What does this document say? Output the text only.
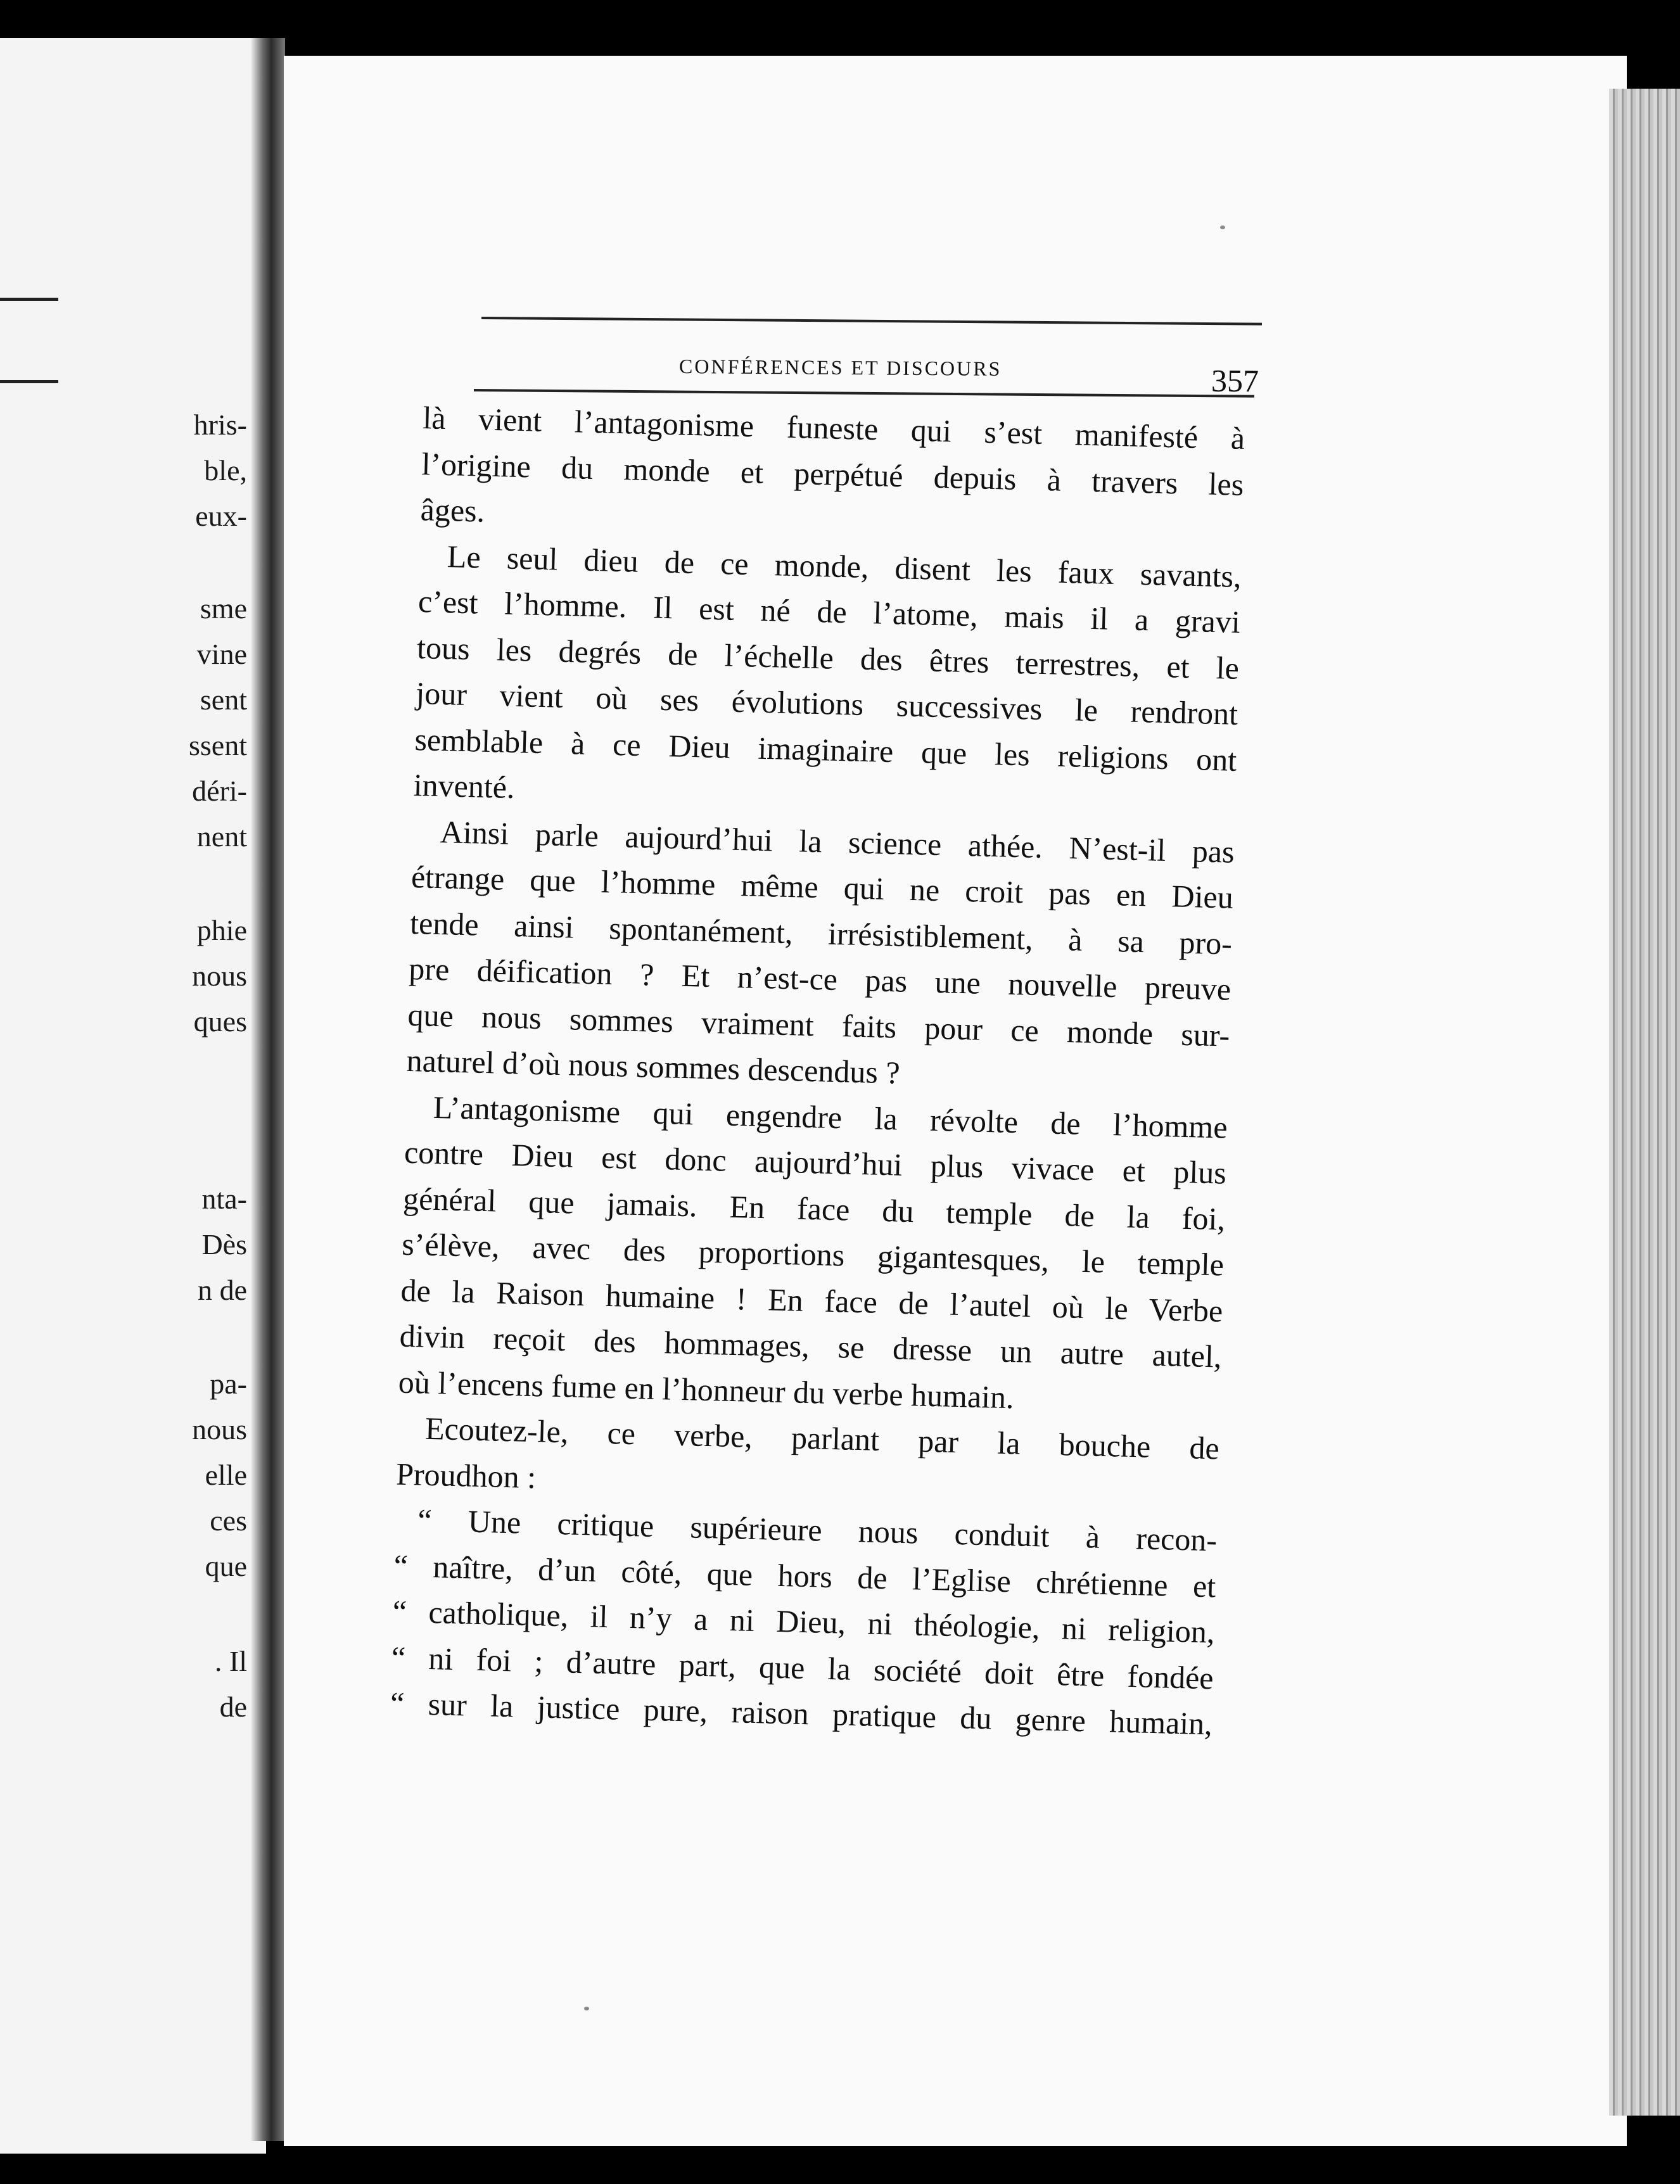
hris-
ble,
eux-
sme
vine
sent
ssent
déri-
nent
phie
nous
ques
nta-
Dès
n de
pa-
nous
elle
ces
que
. Il
de
CONFÉRENCES ET DISCOURS	357
là vient l’antagonisme funeste qui s’est manifesté à
l’origine du monde et perpétué depuis à travers les
âges.
Le seul dieu de ce monde, disent les faux savants,
c’est l’homme. Il est né de l’atome, mais il a gravi
tous les degrés de l’échelle des êtres terrestres, et le
jour vient où ses évolutions successives le rendront
semblable à ce Dieu imaginaire que les religions ont
inventé.
Ainsi parle aujourd’hui la science athée. N’est-il pas
étrange que l’homme même qui ne croit pas en Dieu
tende ainsi spontanément, irrésistiblement, à sa pro-
pre déification ? Et n’est-ce pas une nouvelle preuve
que nous sommes vraiment faits pour ce monde sur-
naturel d’où nous sommes descendus ?
L’antagonisme qui engendre la révolte de l’homme
contre Dieu est donc aujourd’hui plus vivace et plus
général que jamais. En face du temple de la foi,
s’élève, avec des proportions gigantesques, le temple
de la Raison humaine ! En face de l’autel où le Verbe
divin reçoit des hommages, se dresse un autre autel,
où l’encens fume en l’honneur du verbe humain.
Ecoutez-le, ce verbe, parlant par la bouche de
Proudhon :
“ Une critique supérieure nous conduit à recon-
“ naître, d’un côté, que hors de l’Eglise chrétienne et
“ catholique, il n’y a ni Dieu, ni théologie, ni religion,
“ ni foi ; d’autre part, que la société doit être fondée
“ sur la justice pure, raison pratique du genre humain,
